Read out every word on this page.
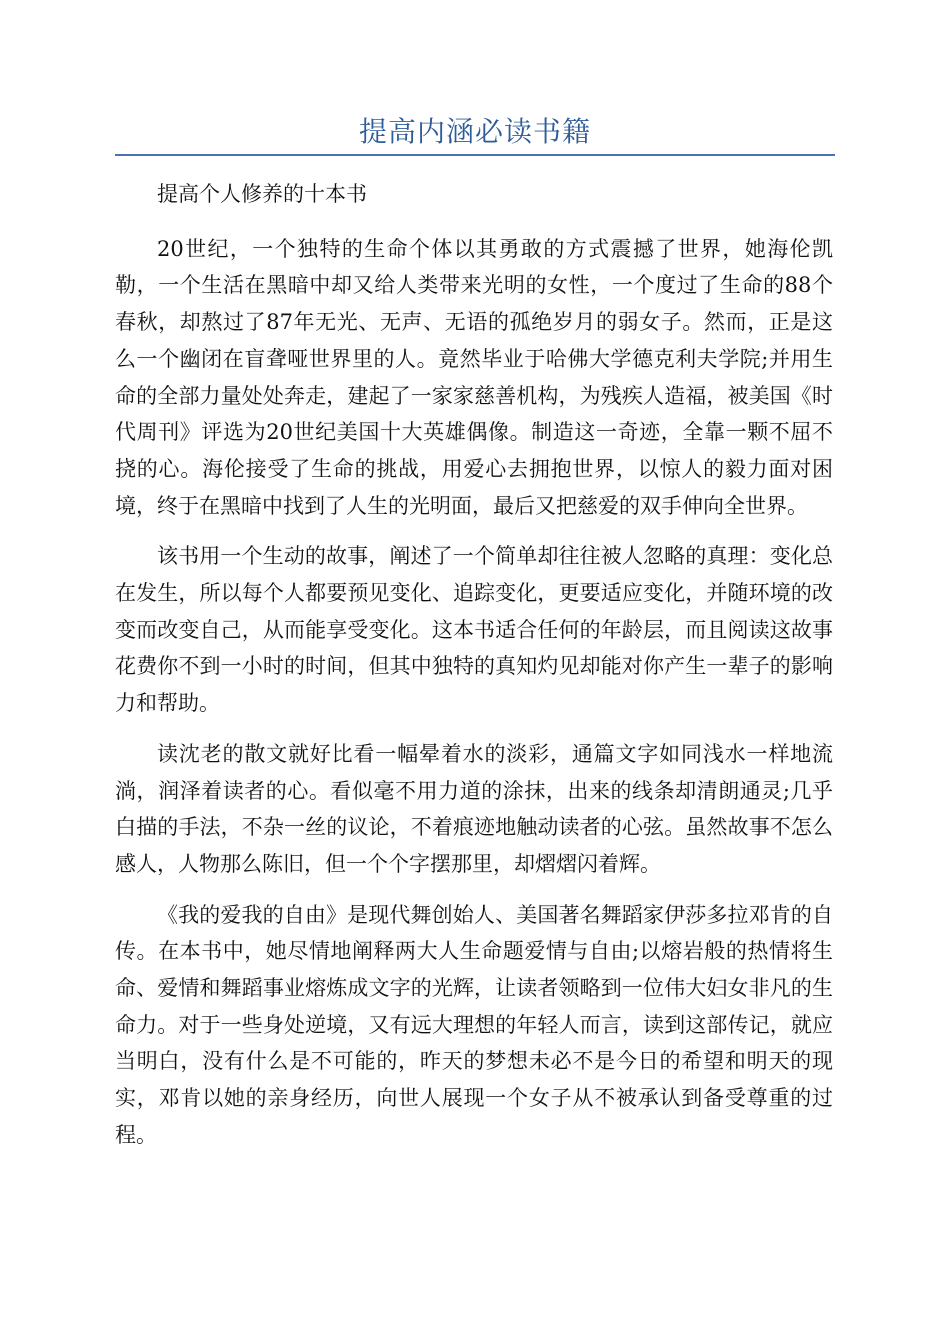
提高内涵必读书籍

提高个人修养的十本书

20世纪，一个独特的生命个体以其勇敢的方式震撼了世界，她海伦凯勒，一个生活在黑暗中却又给人类带来光明的女性，一个度过了生命的88个春秋，却熬过了87年无光、无声、无语的孤绝岁月的弱女子。然而，正是这么一个幽闭在盲聋哑世界里的人。竟然毕业于哈佛大学德克利夫学院;并用生命的全部力量处处奔走，建起了一家家慈善机构，为残疾人造福，被美国《时代周刊》评选为20世纪美国十大英雄偶像。制造这一奇迹，全靠一颗不屈不挠的心。海伦接受了生命的挑战，用爱心去拥抱世界，以惊人的毅力面对困境，终于在黑暗中找到了人生的光明面，最后又把慈爱的双手伸向全世界。

该书用一个生动的故事，阐述了一个简单却往往被人忽略的真理：变化总在发生，所以每个人都要预见变化、追踪变化，更要适应变化，并随环境的改变而改变自己，从而能享受变化。这本书适合任何的年龄层，而且阅读这故事花费你不到一小时的时间，但其中独特的真知灼见却能对你产生一辈子的影响力和帮助。

读沈老的散文就好比看一幅晕着水的淡彩，通篇文字如同浅水一样地流淌，润泽着读者的心。看似毫不用力道的涂抹，出来的线条却清朗通灵;几乎白描的手法，不杂一丝的议论，不着痕迹地触动读者的心弦。虽然故事不怎么感人，人物那么陈旧，但一个个字摆那里，却熠熠闪着辉。

《我的爱我的自由》是现代舞创始人、美国著名舞蹈家伊莎多拉邓肯的自传。在本书中，她尽情地阐释两大人生命题爱情与自由;以熔岩般的热情将生命、爱情和舞蹈事业熔炼成文字的光辉，让读者领略到一位伟大妇女非凡的生命力。对于一些身处逆境，又有远大理想的年轻人而言，读到这部传记，就应当明白，没有什么是不可能的，昨天的梦想未必不是今日的希望和明天的现实，邓肯以她的亲身经历，向世人展现一个女子从不被承认到备受尊重的过程。
